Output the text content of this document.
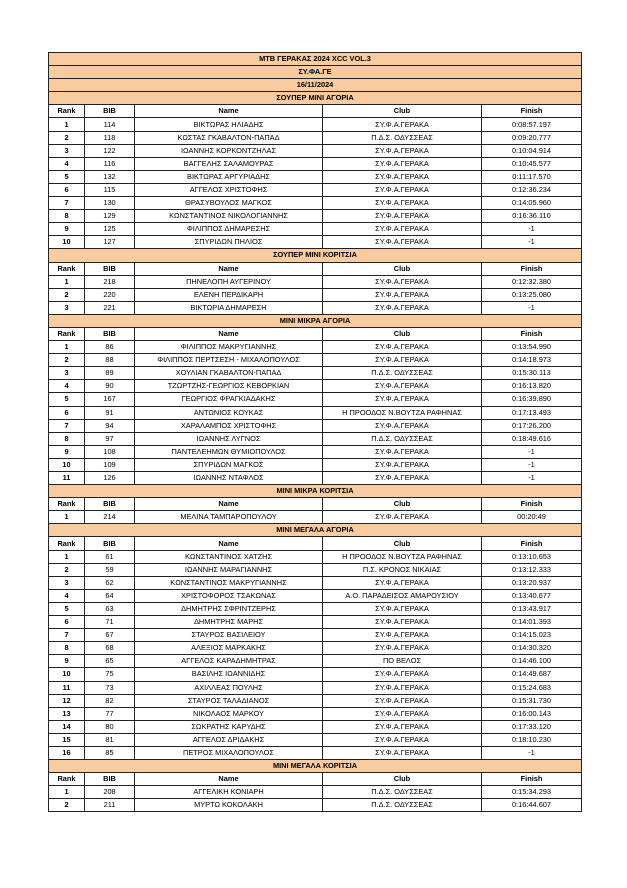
MTB ΓΕΡΑΚΑΣ 2024 XCC VOL.3				
ΣΥ.ΦΑ.ΓΕ				
16/11/2024				
ΣΟΥΠΕΡ ΜΙΝΙ ΑΓΟΡΙΑ				
Rank	BIB	Name	Club	Finish
1	114	ΒΙΚΤΩΡΑΣ ΗΛΙΑΔΗΣ	ΣΥ.Φ.Α.ΓΕΡΑΚΑ	0:08:57.197
2	118	ΚΩΣΤΑΣ ΓΚΑΒΑΛΤΟΝ-ΠΑΠΑΔ	Π.Δ.Σ. ΟΔΥΣΣΕΑΣ	0:09:20.777
3	122	ΙΩΑΝΝΗΣ ΚΟΡΚΟΝΤΖΗΛΑΣ	ΣΥ.Φ.Α.ΓΕΡΑΚΑ	0:10:04.914
4	116	ΒΑΓΓΕΛΗΣ ΣΑΛΑΜΟΥΡΑΣ	ΣΥ.Φ.Α.ΓΕΡΑΚΑ	0:10:45.577
5	132	ΒΙΚΤΩΡΑΣ ΑΡΓΥΡΙΑΔΗΣ	ΣΥ.Φ.Α.ΓΕΡΑΚΑ	0:11:17.570
6	115	ΑΓΓΕΛΟΣ ΧΡΙΣΤΟΦΗΣ	ΣΥ.Φ.Α.ΓΕΡΑΚΑ	0:12:36.234
7	130	ΘΡΑΣΥΒΟΥΛΟΣ ΜΑΓΚΟΣ	ΣΥ.Φ.Α.ΓΕΡΑΚΑ	0:14:05.960
8	129	ΚΩΝΣΤΑΝΤΙΝΟΣ ΝΙΚΟΛΟΓΙΑΝΝΗΣ	ΣΥ.Φ.Α.ΓΕΡΑΚΑ	0:16:36.110
9	125	ΦΙΛΙΠΠΟΣ ΔΗΜΑΡΕΣΗΣ	ΣΥ.Φ.Α.ΓΕΡΑΚΑ	-1
10	127	ΣΠΥΡΙΔΩΝ ΠΗΛΙΟΣ	ΣΥ.Φ.Α.ΓΕΡΑΚΑ	-1
ΣΟΥΠΕΡ ΜΙΝΙ ΚΟΡΙΤΣΙΑ				
Rank	BIB	Name	Club	Finish
1	218	ΠΗΝΕΛΟΠΗ ΑΥΓΕΡΙΝΟΥ	ΣΥ.Φ.Α.ΓΕΡΑΚΑ	0:12:32.380
2	220	ΕΛΕΝΗ ΠΕΡΔΙΚΑΡΗ	ΣΥ.Φ.Α.ΓΕΡΑΚΑ	0:13:25.080
3	221	ΒΙΚΤΩΡΙΑ ΔΗΜΑΡΕΣΗ	ΣΥ.Φ.Α.ΓΕΡΑΚΑ	-1
ΜΙΝΙ ΜΙΚΡΑ ΑΓΟΡΙΑ				
Rank	BIB	Name	Club	Finish
1	86	ΦΙΛΙΠΠΟΣ ΜΑΚΡΥΓΙΑΝΝΗΣ	ΣΥ.Φ.Α.ΓΕΡΑΚΑ	0:13:54.990
2	88	ΦΙΛΙΠΠΟΣ ΠΕΡΤΣΕΣΗ - ΜΙΧΑΛΟΠΟΥΛΟΣ	ΣΥ.Φ.Α.ΓΕΡΑΚΑ	0:14:18.973
3	89	ΧΟΥΛΙΑΝ ΓΚΑΒΑΛΤΟΝ-ΠΑΠΑΔ	Π.Δ.Σ. ΟΔΥΣΣΕΑΣ	0:15:30.113
4	90	ΤΖΩΡΤΖΗΣ-ΓΕΩΡΓΙΟΣ ΚΕΒΟΡΚΙΑΝ	ΣΥ.Φ.Α.ΓΕΡΑΚΑ	0:16:13.820
5	167	ΓΕΩΡΓΙΟΣ ΦΡΑΓΚΙΑΔΑΚΗΣ	ΣΥ.Φ.Α.ΓΕΡΑΚΑ	0:16:39.890
6	91	ΑΝΤΩΝΙΟΣ ΚΟΥΚΑΣ	Η ΠΡΟΟΔΟΣ Ν.ΒΟΥΤΖΑ ΡΑΦΗΝΑΣ	0:17:13.493
7	94	ΧΑΡΑΛΑΜΠΟΣ ΧΡΙΣΤΟΦΗΣ	ΣΥ.Φ.Α.ΓΕΡΑΚΑ	0:17:26.200
8	97	ΙΩΑΝΝΗΣ ΛΥΓΝΟΣ	Π.Δ.Σ. ΟΔΥΣΣΕΑΣ	0:18:49.616
9	108	ΠΑΝΤΕΛΕΗΜΩΝ ΘΥΜΙΟΠΟΥΛΟΣ	ΣΥ.Φ.Α.ΓΕΡΑΚΑ	-1
10	109	ΣΠΥΡΙΔΩΝ ΜΑΓΚΟΣ	ΣΥ.Φ.Α.ΓΕΡΑΚΑ	-1
11	126	ΙΩΑΝΝΗΣ ΝΤΑΦΛΟΣ	ΣΥ.Φ.Α.ΓΕΡΑΚΑ	-1
ΜΙΝΙ ΜΙΚΡΑ ΚΟΡΙΤΣΙΑ				
Rank	BIB	Name	Club	Finish
1	214	ΜΕΛΙΝΑ ΤΑΜΠΑΡΟΠΟΥΛΟΥ	ΣΥ.Φ.Α.ΓΕΡΑΚΑ	00:20:49
ΜΙΝΙ ΜΕΓΑΛΑ ΑΓΟΡΙΑ				
Rank	BIB	Name	Club	Finish
1	61	ΚΩΝΣΤΑΝΤΙΝΟΣ ΧΑΤΖΗΣ	Η ΠΡΟΟΔΟΣ Ν.ΒΟΥΤΖΑ ΡΑΦΗΝΑΣ	0:13:10.653
2	59	ΙΩΑΝΝΗΣ ΜΑΡΑΓΙΑΝΝΗΣ	Π.Σ. ΚΡΟΝΟΣ ΝΙΚΑΙΑΣ	0:13:12.333
3	62	ΚΩΝΣΤΑΝΤΙΝΟΣ ΜΑΚΡΥΓΙΑΝΝΗΣ	ΣΥ.Φ.Α.ΓΕΡΑΚΑ	0:13:20.937
4	64	ΧΡΙΣΤΟΦΟΡΟΣ ΤΣΑΚΩΝΑΣ	Α.Ο. ΠΑΡΑΔΕΙΣΟΣ ΑΜΑΡΟΥΣΙΟΥ	0:13:40.677
5	63	ΔΗΜΗΤΡΗΣ ΣΦΡΙΝΤΖΕΡΗΣ	ΣΥ.Φ.Α.ΓΕΡΑΚΑ	0:13:43.917
6	71	ΔΗΜΗΤΡΗΣ ΜΑΡΗΣ	ΣΥ.Φ.Α.ΓΕΡΑΚΑ	0:14:01.393
7	67	ΣΤΑΥΡΟΣ ΒΑΣΙΛΕΙΟΥ	ΣΥ.Φ.Α.ΓΕΡΑΚΑ	0:14:15.023
8	68	ΑΛΕΞΙΟΣ ΜΑΡΚΑΚΗΣ	ΣΥ.Φ.Α.ΓΕΡΑΚΑ	0:14:30.320
9	65	ΑΓΓΕΛΟΣ ΚΑΡΑΔΗΜΗΤΡΑΣ	ΠΟ ΒΕΛΟΣ	0:14:46.100
10	75	ΒΑΣΙΛΗΣ ΙΩΑΝΝΙΔΗΣ	ΣΥ.Φ.Α.ΓΕΡΑΚΑ	0:14:49.687
11	73	ΑΧΙΛΛΕΑΣ ΠΟΥΛΗΣ	ΣΥ.Φ.Α.ΓΕΡΑΚΑ	0:15:24.683
12	82	ΣΤΑΥΡΟΣ ΤΑΛΑΔΙΑΝΟΣ	ΣΥ.Φ.Α.ΓΕΡΑΚΑ	0:15:31.730
13	77	ΝΙΚΟΛΑΟΣ ΜΑΡΚΟΥ	ΣΥ.Φ.Α.ΓΕΡΑΚΑ	0:16:00.143
14	80	ΣΩΚΡΑΤΗΣ ΚΑΡΥΔΗΣ	ΣΥ.Φ.Α.ΓΕΡΑΚΑ	0:17:33.120
15	81	ΑΓΓΕΛΟΣ ΔΡΙΔΑΚΗΣ	ΣΥ.Φ.Α.ΓΕΡΑΚΑ	0:18:10.230
16	85	ΠΕΤΡΟΣ ΜΙΧΑΛΟΠΟΥΛΟΣ	ΣΥ.Φ.Α.ΓΕΡΑΚΑ	-1
ΜΙΝΙ ΜΕΓΑΛΑ ΚΟΡΙΤΣΙΑ				
Rank	BIB	Name	Club	Finish
1	208	ΑΓΓΕΛΙΚΗ ΚΟΝΙΑΡΗ	Π.Δ.Σ. ΟΔΥΣΣΕΑΣ	0:15:34.293
2	211	ΜΥΡΤΩ ΚΟΚΟΛΑΚΗ	Π.Δ.Σ. ΟΔΥΣΣΕΑΣ	0:16:44.607
